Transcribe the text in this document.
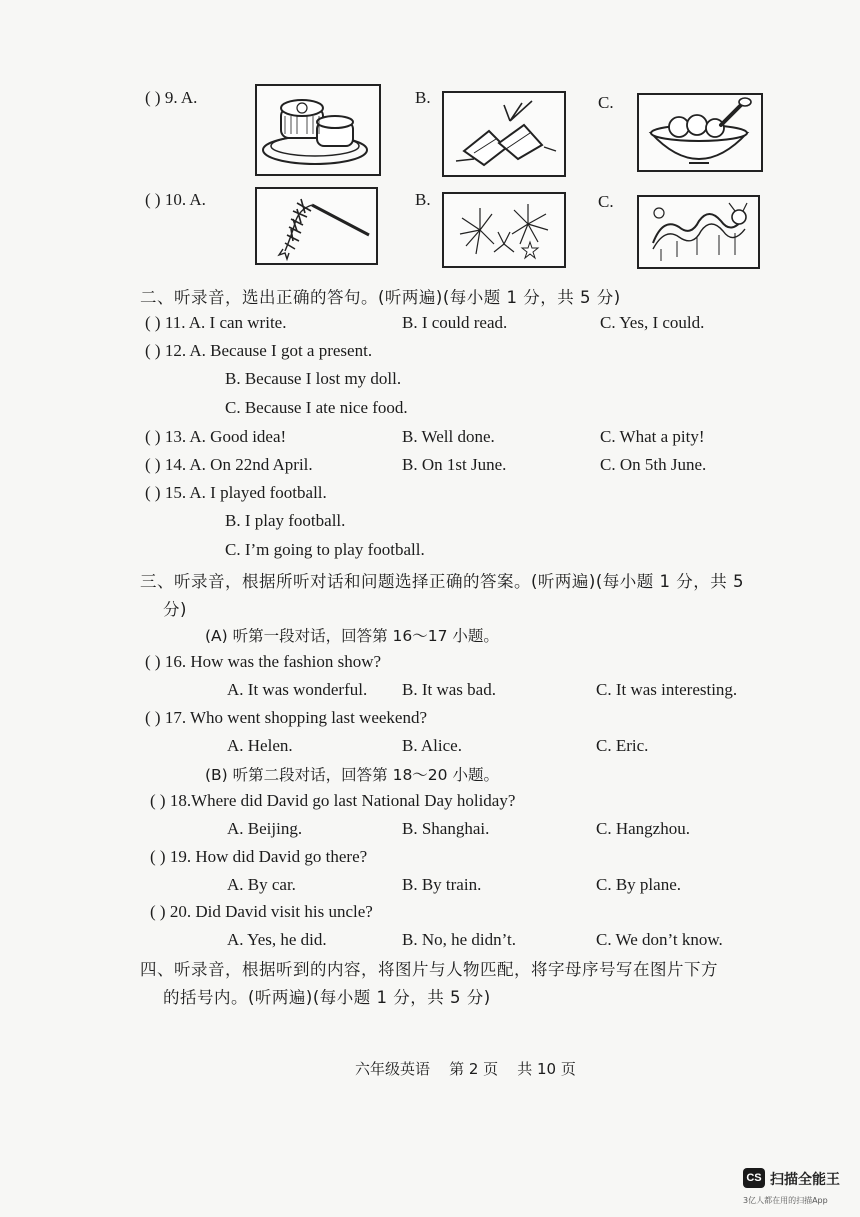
( ) 9. A.	B.	C.
( ) 10. A.	B.	C.
二、听录音，选出正确的答句。(听两遍)(每小题 1 分，共 5 分)
( ) 11. A. I can write.	B. I could read.	C. Yes, I could.
( ) 12. A. Because I got a present.
B. Because I lost my doll.
C. Because I ate nice food.
( ) 13. A. Good idea!	B. Well done.	C. What a pity!
( ) 14. A. On 22nd April.	B. On 1st June.	C. On 5th June.
( ) 15. A. I played football.
B. I play football.
C. I’m going to play football.
三、听录音，根据所听对话和问题选择正确的答案。(听两遍)(每小题 1 分，共 5
分)
(A) 听第一段对话，回答第 16～17 小题。
( ) 16. How was the fashion show?
A. It was wonderful. B. It was bad.	C. It was interesting.
( ) 17. Who went shopping last weekend?
A. Helen.	B. Alice.	C. Eric.
(B) 听第二段对话，回答第 18～20 小题。
( ) 18.Where did David go last National Day holiday?
A. Beijing.	B. Shanghai.	C. Hangzhou.
( ) 19. How did David go there?
A. By car.	B. By train.	C. By plane.
( ) 20. Did David visit his uncle?
A. Yes, he did.	B. No, he didn’t.	C. We don’t know.
四、听录音，根据听到的内容，将图片与人物匹配，将字母序号写在图片下方
的括号内。(听两遍)(每小题 1 分，共 5 分)
六年级英语    第 2 页    共 10 页
CS 扫描全能王
3亿人都在用的扫描App
